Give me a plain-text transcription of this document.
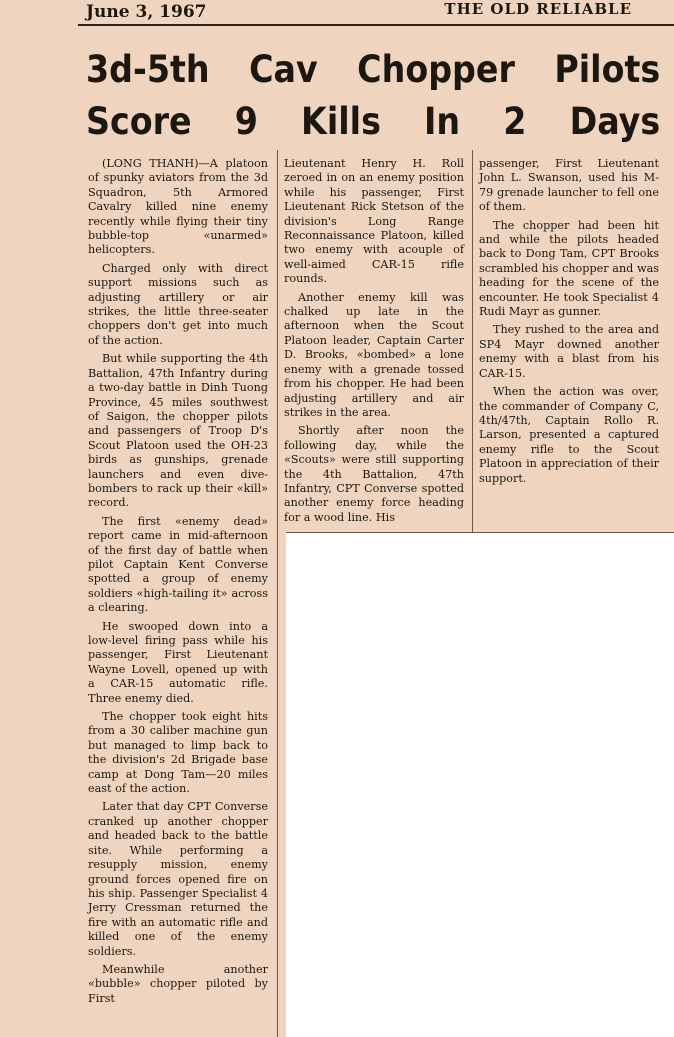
June 3, 1967	THE OLD RELIABLE
3d-5th Cav Chopper Pilots Score 9 Kills In 2 Days

(LONG THANH)—A platoon of spunky aviators from the 3d Squadron, 5th Armored Cavalry killed nine enemy recently while flying their tiny bubble-top «unarmed» helicopters.

Charged only with direct support missions such as adjusting artillery or air strikes, the little three-seater choppers don't get into much of the action.

But while supporting the 4th Battalion, 47th Infantry during a two-day battle in Dinh Tuong Province, 45 miles southwest of Saigon, the chopper pilots and passengers of Troop D's Scout Platoon used the OH-23 birds as gunships, grenade launchers and even dive-bombers to rack up their «kill» record.

The first «enemy dead» report came in mid-afternoon of the first day of battle when pilot Captain Kent Converse spotted a group of enemy soldiers «high-tailing it» across a clearing.

He swooped down into a low-level firing pass while his passenger, First Lieutenant Wayne Lovell, opened up with a CAR-15 automatic rifle. Three enemy died.

The chopper took eight hits from a 30 caliber machine gun but managed to limp back to the division's 2d Brigade base camp at Dong Tam—20 miles east of the action.

Later that day CPT Converse cranked up another chopper and headed back to the battle site. While performing a resupply mission, enemy ground forces opened fire on his ship. Passenger Specialist 4 Jerry Cressman returned the fire with an automatic rifle and killed one of the enemy soldiers.

Meanwhile another «bubble» chopper piloted by First

Lieutenant Henry H. Roll zeroed in on an enemy position while his passenger, First Lieutenant Rick Stetson of the division's Long Range Reconnaissance Platoon, killed two enemy with acouple of well-aimed CAR-15 rifle rounds.

Another enemy kill was chalked up late in the afternoon when the Scout Platoon leader, Captain Carter D. Brooks, «bombed» a lone enemy with a grenade tossed from his chopper. He had been adjusting artillery and air strikes in the area.

Shortly after noon the following day, while the «Scouts» were still supporting the 4th Battalion, 47th Infantry, CPT Converse spotted another enemy force heading for a wood line. His

passenger, First Lieutenant John L. Swanson, used his M-79 grenade launcher to fell one of them.

The chopper had been hit and while the pilots headed back to Dong Tam, CPT Brooks scrambled his chopper and was heading for the scene of the encounter. He took Specialist 4 Rudi Mayr as gunner.

They rushed to the area and SP4 Mayr downed another enemy with a blast from his CAR-15.

When the action was over, the commander of Company C, 4th/47th, Captain Rollo R. Larson, presented a captured enemy rifle to the Scout Platoon in appreciation of their support.
